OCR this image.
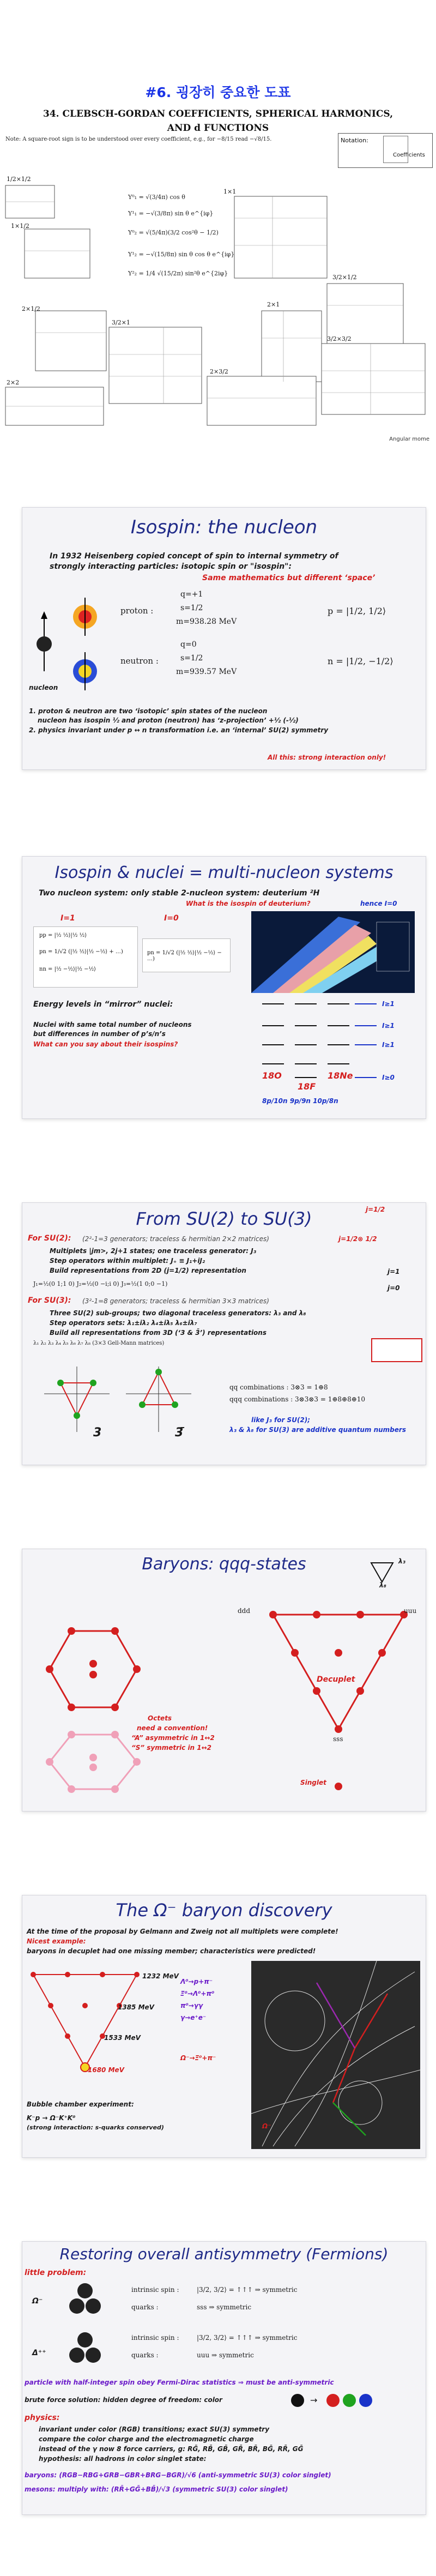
#6. 굉장히 중요한 도표
34. CLEBSCH-GORDAN COEFFICIENTS, SPHERICAL HARMONICS,
AND d FUNCTIONS
Note: A square-root sign is to be understood over every coefficient, e.g., for −8/15 read −√8/15.	Notation:
Coefficients
Y⁰₁ = √(3/4π) cos θ
Y¹₁ = −√(3/8π) sin θ e^{iφ}
Y⁰₂ = √(5/4π)(3/2 cos²θ − 1/2)
Y¹₂ = −√(15/8π) sin θ cos θ e^{iφ}
Y²₂ = 1/4 √(15/2π) sin²θ e^{2iφ}
1/2×1/2
1×1/2
2×1/2
1×1
3/2×1/2
3/2×1
2×1
3/2×3/2
2×3/2
2×2
Angular mome
Isospin: the nucleon
In 1932 Heisenberg copied concept of spin to internal symmetry of
strongly interacting particles: isotopic spin or "isospin":
Same mathematics but different ‘space’
nucleon
proton :
q=+1
s=1/2
m=938.28 MeV
p = |1/2, 1/2⟩
neutron :
q=0
s=1/2
m=939.57 MeV
n = |1/2, −1/2⟩
1. proton & neutron are two ‘isotopic’ spin states of the nucleon
nucleon has isospin ½ and proton (neutron) has ‘z-projection’ +½ (-½)
2. physics invariant under p ↔ n transformation i.e. an ‘internal’ SU(2) symmetry
All this: strong interaction only!
Isospin & nuclei = multi-nucleon systems
Two nucleon system: only stable 2-nucleon system: deuterium ²H
What is the isospin of deuterium?	hence I=0
I=1	I=0
pp = |½ ½⟩|½ ½⟩
pn = 1/√2 (|½ ½⟩|½ −½⟩ + …)
nn = |½ −½⟩|½ −½⟩
pn = 1/√2 (|½ ½⟩|½ −½⟩ − …)
Energy levels in “mirror” nuclei:
Nuclei with same total number of nucleons
but differences in number of p’s/n’s
What can you say about their isospins?
I≥1
I≥1
I≥1
I≥0
18O
18F
18Ne
8p/10n 9p/9n 10p/8n
From SU(2) to SU(3)
For SU(2): (2²-1=3 generators; traceless & hermitian 2×2 matrices)
Multiplets |jm>, 2j+1 states; one traceless generator: J₃
Step operators within multiplet: J₊ ≡ J₁+iJ₂
Build representations from 2D (j=1/2) representation
j=1/2
j=1/2⊗ 1/2
j=1
j=0
J₁=½(0 1;1 0) J₂=½(0 −i;i 0) J₃=½(1 0;0 −1)
For SU(3): (3²-1=8 generators; traceless & hermitian 3×3 matrices)
Three SU(2) sub-groups; two diagonal traceless generators: λ₃ and λ₈
Step operators sets: λ₁±iλ₂ λ₄±iλ₅ λ₆±iλ₇
Build all representations from 3D (‘3 & 3̄’) representations
λ₁ λ₂ λ₃ λ₄ λ₅ λ₆ λ₇ λ₈ (3×3 Gell-Mann matrices)
3	3̄
qq combinations : 3⊗3 = 1⊕8
qqq combinations : 3⊗3⊗3 = 1⊕8⊕8⊕10
like J₃ for SU(2);
λ₃ & λ₈ for SU(3) are additive quantum numbers
Baryons: qqq-states	λ₃
λ₈
ddd	uuu
sss
Decuplet
Octets
need a convention!
“A” asymmetric in 1↔2
“S” symmetric in 1↔2
Singlet
The Ω⁻ baryon discovery
At the time of the proposal by Gelmann and Zweig not all multiplets were complete!
Nicest example:
baryons in decuplet had one missing member; characteristics were predicted!
1232 MeV
1385 MeV
1533 MeV
1680 MeV
Bubble chamber experiment:
K⁻p → Ω⁻K⁺K⁰
(strong interaction: s-quarks conserved)
Λ⁰→p+π⁻
Ξ⁰→Λ⁰+π⁰
π⁰→γγ
γ→e⁺e⁻
Ω⁻→Ξ⁰+π⁻
Ω⁻
Restoring overall antisymmetry (Fermions)
little problem:
Ω⁻
Δ⁺⁺
intrinsic spin :	|3/2, 3/2⟩ = ↑↑↑ ⇒ symmetric
quarks :	sss ⇒ symmetric
intrinsic spin :	|3/2, 3/2⟩ = ↑↑↑ ⇒ symmetric
quarks :	uuu ⇒ symmetric
particle with half-integer spin obey Fermi-Dirac statistics ⇒ must be anti-symmetric
brute force solution: hidden degree of freedom: color	→
physics:
invariant under color (RGB) transitions; exact SU(3) symmetry
compare the color charge and the electromagnetic charge
instead of the γ now 8 force carriers, g: RḠ, RB̄, GB̄, GR̄, BR̄, BḠ, RR̄, GḠ
hypothesis: all hadrons in color singlet state:
baryons: (RGB−RBG+GRB−GBR+BRG−BGR)/√6 (anti-symmetric SU(3) color singlet)
mesons: multiply with: (RR̄+GḠ+BB̄)/√3 (symmetric SU(3) color singlet)
